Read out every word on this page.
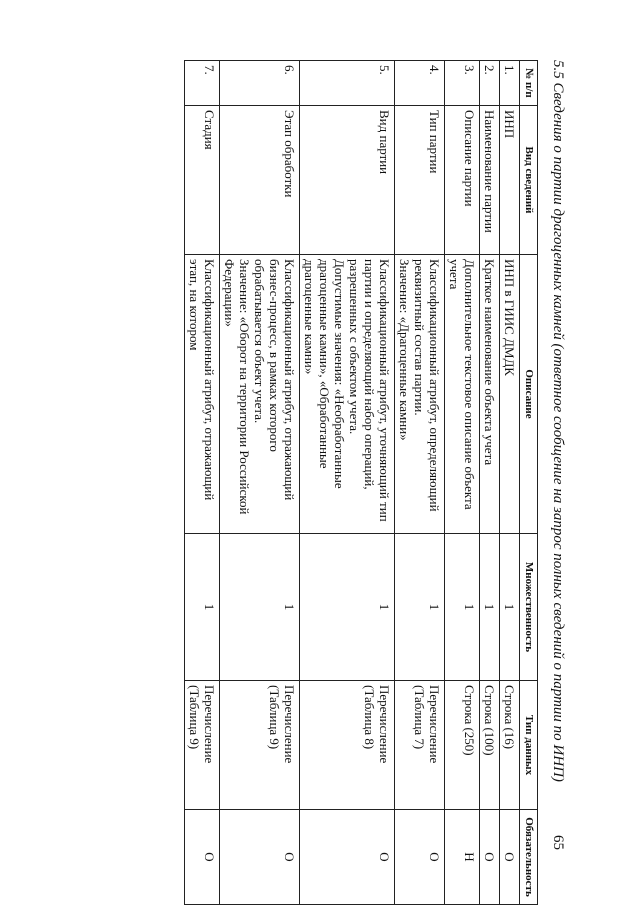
5.5 Сведения о партии драгоценных камней (ответное сообщение на запрос полных сведений о партии по ИНП)
65
№ п/п	Вид сведений	Описание	Множественность	Тип данных	Обязательность
1.	ИНП	ИНП в ГИИС ДМДК	1	Строка (16)	О
2.	Наименование партии	Краткое наименование объекта учета	1	Строка (100)	О
3.	Описание партии	Дополнительное текстовое описание объекта учета	1	Строка (250)	Н
4.	Тип партии	Классификационный атрибут, определяющий реквизитный состав партии.
Значение: «Драгоценные камни»	1	Перечисление (Таблица 7)	О
5.	Вид партии	Классификационный атрибут, уточняющий тип партии и определяющий набор операций, разрешенных с объектом учета.
Допустимые значения: «Необработанные драгоценные камни», «Обработанные драгоценные камни»	1	Перечисление (Таблица 8)	О
6.	Этап обработки	Классификационный атрибут, отражающий бизнес-процесс, в рамках которого обрабатывается объект учета.
Значение: «Оборот на территории Российской Федерации»	1	Перечисление (Таблица 9)	О
7.	Стадия	Классификационный атрибут, отражающий этап, на котором	1	Перечисление (Таблица 9)	О
